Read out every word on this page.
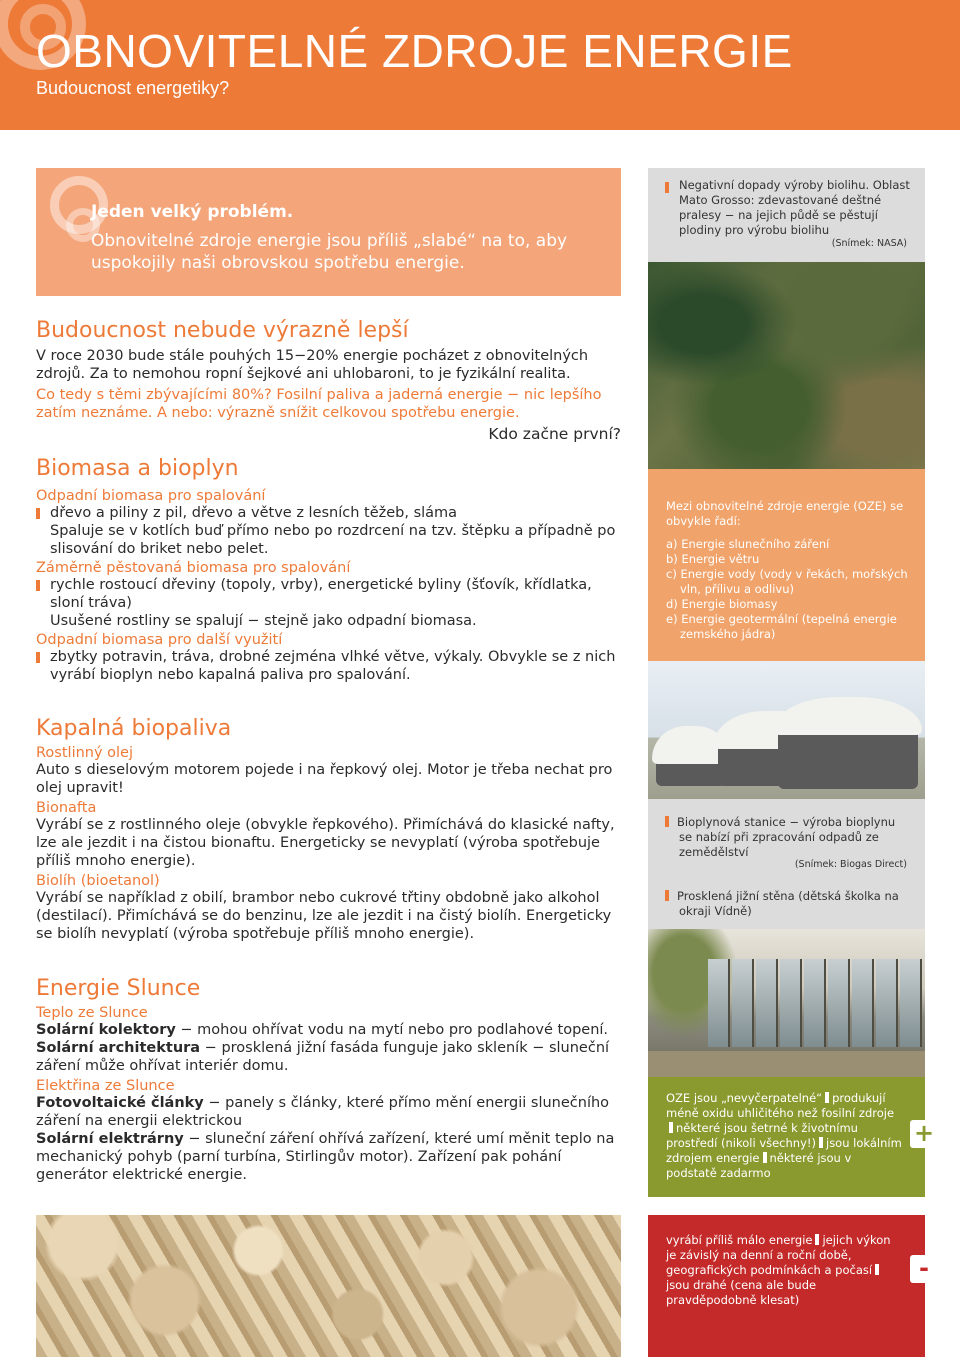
OBNOVITELNÉ ZDROJE ENERGIE
Budoucnost energetiky?
Jeden velký problém.
Obnovitelné zdroje energie jsou příliš „slabé“ na to, aby uspokojily naši obrovskou spotřebu energie.

Negativní dopady výroby biolihu. Oblast Mato Grosso: zdevastované deštné pralesy − na jejich půdě se pěstují plodiny pro výrobu biolihu

(Snímek: NASA)
Mezi obnovitelné zdroje energie (OZE) se obvykle řadí:
a) Energie slunečního záření
b) Energie větru
c) Energie vody (vody v řekách, mořských vln, přílivu a odlivu)
d) Energie biomasy
e) Energie geotermální (tepelná energie zemského jádra)

Bioplynová stanice − výroba bioplynu se nabízí při zpracování odpadů ze zemědělství

(Snímek: Biogas Direct)

Prosklená jižní stěna (dětská školka na okraji Vídně)

OZE jsou „nevyčerpatelné“ produkují méně oxidu uhličitého než fosilní zdrojeněkteré jsou šetrné k životnímu prostředí (nikoli všechny!) jsou lokálním zdrojem energie některé jsou v podstatě zadarmo
+
vyrábí příliš málo energie jejich výkon je závislý na denní a roční době, geografických podmínkách a počasíjsou drahé (cena ale bude pravděpodobně klesat)
-
Budoucnost nebude výrazně lepší
V roce 2030 bude stále pouhých 15−20% energie pocházet z obnovitelných zdrojů. Za to nemohou ropní šejkové ani uhlobaroni, to je fyzikální realita.
Co tedy s těmi zbývajícími 80%? Fosilní paliva a jaderná energie − nic lepšího zatím neznáme. A nebo: výrazně snížit celkovou spotřebu energie.
Kdo začne první?
Biomasa a bioplyn
Odpadní biomasa pro spalování
dřevo a piliny z pil, dřevo a větve z lesních těžeb, sláma
Spaluje se v kotlích buď přímo nebo po rozdrcení na tzv. štěpku a případně po slisování do briket nebo pelet.
Záměrně pěstovaná biomasa pro spalování
rychle rostoucí dřeviny (topoly, vrby), energetické byliny (šťovík, křídlatka, sloní tráva)
Usušené rostliny se spalují − stejně jako odpadní biomasa.
Odpadní biomasa pro další využití
zbytky potravin, tráva, drobné zejména vlhké větve, výkaly. Obvykle se z nich vyrábí bioplyn nebo kapalná paliva pro spalování.
Kapalná biopaliva
Rostlinný olej
Auto s dieselovým motorem pojede i na řepkový olej. Motor je třeba nechat pro olej upravit!
Bionafta
Vyrábí se z rostlinného oleje (obvykle řepkového). Přimíchává do klasické nafty, lze ale jezdit i na čistou bionaftu. Energeticky se nevyplatí (výroba spotřebuje příliš mnoho energie).
Biolíh (bioetanol)
Vyrábí se například z obilí, brambor nebo cukrové třtiny obdobně jako alkohol (destilací). Přimíchává se do benzinu, lze ale jezdit i na čistý biolíh. Energeticky se biolíh nevyplatí (výroba spotřebuje příliš mnoho energie).
Energie Slunce
Teplo ze Slunce
Solární kolektory − mohou ohřívat vodu na mytí nebo pro podlahové topení.
Solární architektura − prosklená jižní fasáda funguje jako skleník − sluneční záření může ohřívat interiér domu.
Elektřina ze Slunce
Fotovoltaické články − panely s články, které přímo mění energii slunečního záření na energii elektrickou
Solární elektrárny − sluneční záření ohřívá zařízení, které umí měnit teplo na mechanický pohyb (parní turbína, Stirlingův motor). Zařízení pak pohání generátor elektrické energie.
